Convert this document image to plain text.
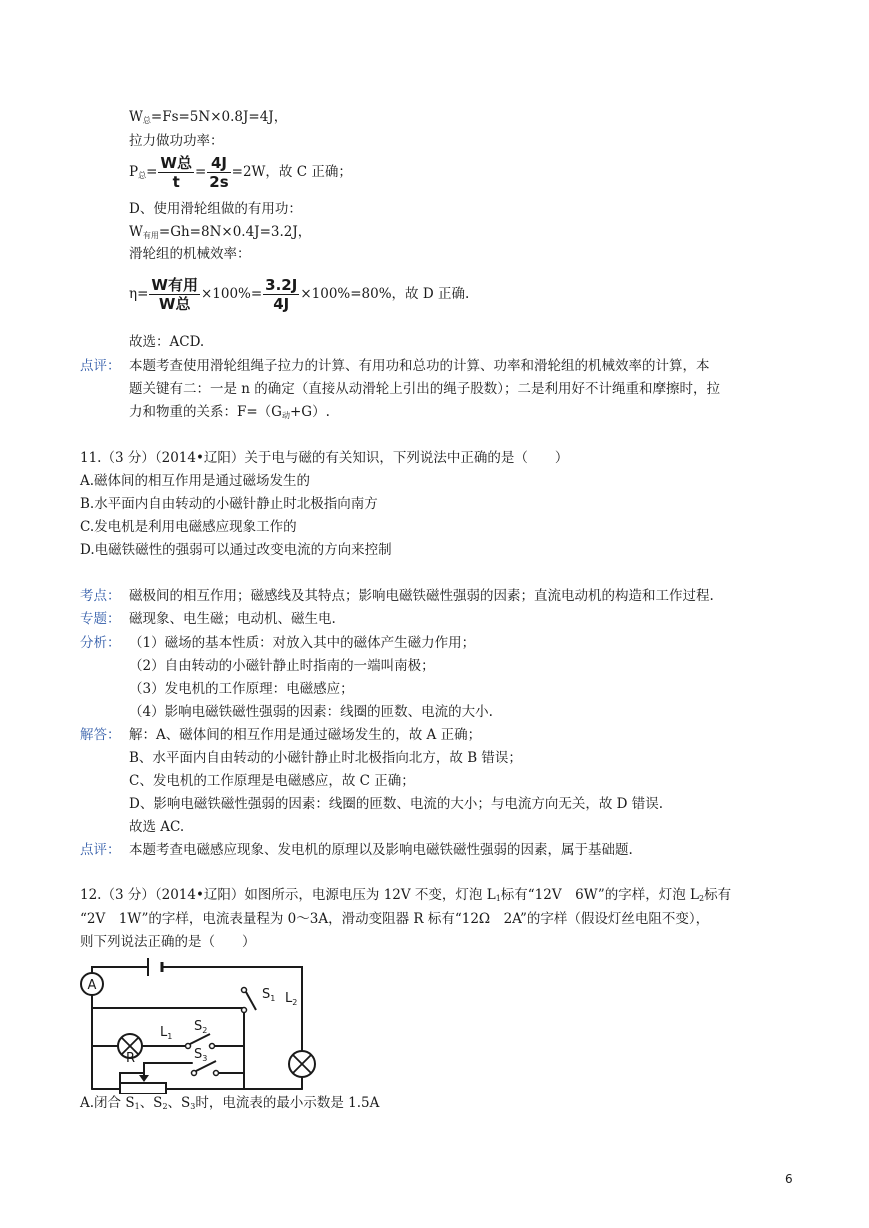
$W_总=Fs=5N\times 0.8J=4J$，
拉力做功功率：
$P_总= \frac{\text{W总}}{t} = \frac{4J}{2s} =2W$，故 C 正确；
D、使用滑轮组做的有用功：
$W_{有用}=Gh=8N\times 0.4J=3.2J$，
滑轮组的机械效率：
$\eta= \frac{\text{W有用}}{\text{W总}} \times 100\%= \frac{3.2J}{4J} \times 100\%=80\%$，故 D 正确.
故选：ACD.
点评： 本题考查使用滑轮组绳子拉力的计算、有用功和总功的计算、功率和滑轮组的机械效率的计算，本
题关键有二：一是 n 的确定（直接从动滑轮上引出的绳子股数）；二是利用好不计绳重和摩擦时，拉
力和物重的关系：$F=(G_动+G)$.
11.（3 分）（2014•辽阳）关于电与磁的有关知识，下列说法中正确的是（　　）
A.磁体间的相互作用是通过磁场发生的
B.水平面内自由转动的小磁针静止时北极指向南方
C.发电机是利用电磁感应现象工作的
D.电磁铁磁性的强弱可以通过改变电流的方向来控制
考点： 磁极间的相互作用；磁感线及其特点；影响电磁铁磁性强弱的因素；直流电动机的构造和工作过程.
专题： 磁现象、电生磁；电动机、磁生电.
分析： （1）磁场的基本性质：对放入其中的磁体产生磁力作用；
（2）自由转动的小磁针静止时指南的一端叫南极；
（3）发电机的工作原理：电磁感应；
（4）影响电磁铁磁性强弱的因素：线圈的匝数、电流的大小.
解答： 解：A、磁体间的相互作用是通过磁场发生的，故 A 正确；
B、水平面内自由转动的小磁针静止时北极指向北方，故 B 错误；
C、发电机的工作原理是电磁感应，故 C 正确；
D、影响电磁铁磁性强弱的因素：线圈的匝数、电流的大小；与电流方向无关，故 D 错误.
故选 AC.
点评： 本题考查电磁感应现象、发电机的原理以及影响电磁铁磁性强弱的因素，属于基础题.
12.（3 分）（2014•辽阳）如图所示，电源电压为 12V 不变，灯泡 $L_1$标有“12V　6W”的字样，灯泡 $L_2$标有
“2V　1W”的字样，电流表量程为 0～3A，滑动变阻器 R 标有“12Ω　2A”的字样（假设灯丝电阻不变），
则下列说法正确的是（　　）
A
$L_1$
$S_2$
$S_1$ $L_2$
$S_3$
R
A.闭合 $S_1$、$S_2$、$S_3$时，电流表的最小示数是 1.5A
6
